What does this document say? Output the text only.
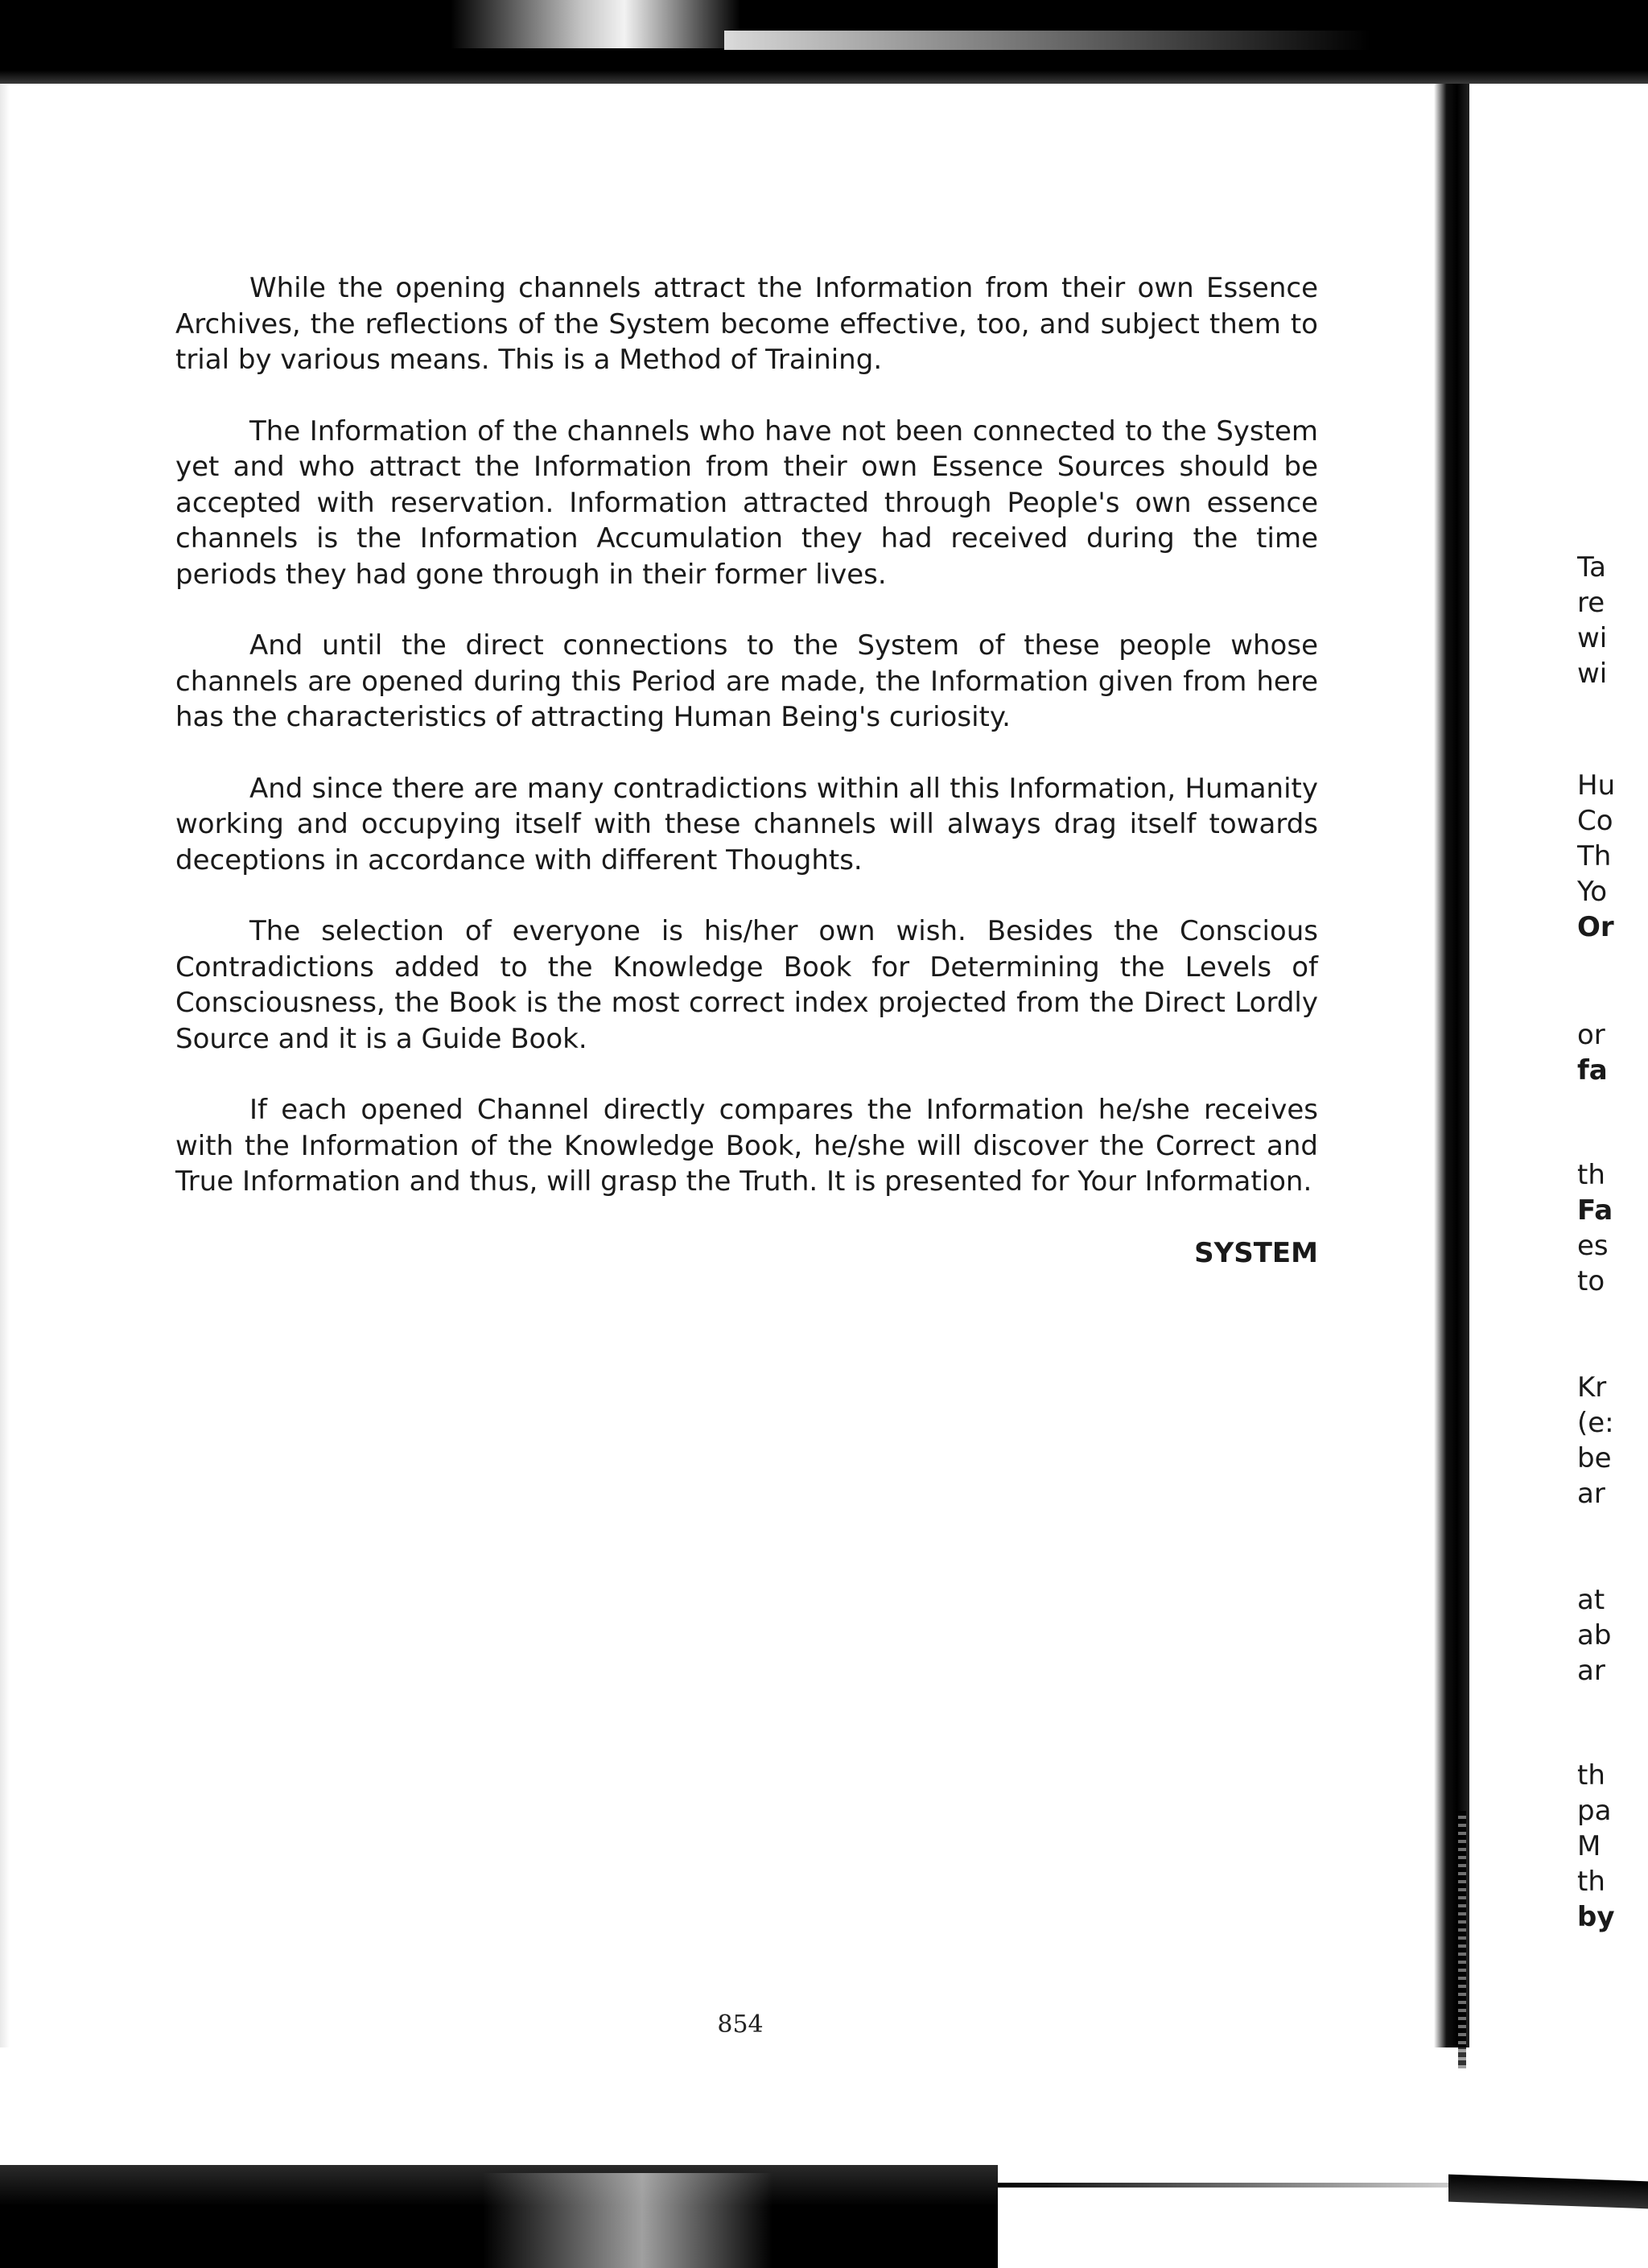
While the opening channels attract the Information from their own Essence Archives, the reflections of the System become effective, too, and subject them to trial by various means. This is a Method of Training.

The Information of the channels who have not been connected to the System yet and who attract the Information from their own Essence Sources should be accepted with reservation. Information attracted through People's own essence channels is the Information Accumulation they had received during the time periods they had gone through in their former lives.

And until the direct connections to the System of these people whose channels are opened during this Period are made, the Information given from here has the characteristics of attracting Human Being's curiosity.

And since there are many contradictions within all this Information, Humanity working and occupying itself with these channels will always drag itself towards deceptions in accordance with different Thoughts.

The selection of everyone is his/her own wish. Besides the Conscious Contradictions added to the Knowledge Book for Determining the Levels of Consciousness, the Book is the most correct index projected from the Direct Lordly Source and it is a Guide Book.

If each opened Channel directly compares the Information he/she receives with the Information of the Knowledge Book, he/she will discover the Correct and True Information and thus, will grasp the Truth. It is presented for Your Information.

SYSTEM

854
Ta
re
wi
wi
Hu
Co
Th
Yo
Or
or
fa
th
Fa
es
to
Kr
(e:
be
ar
at
ab
ar
th
pa
M
th
by
